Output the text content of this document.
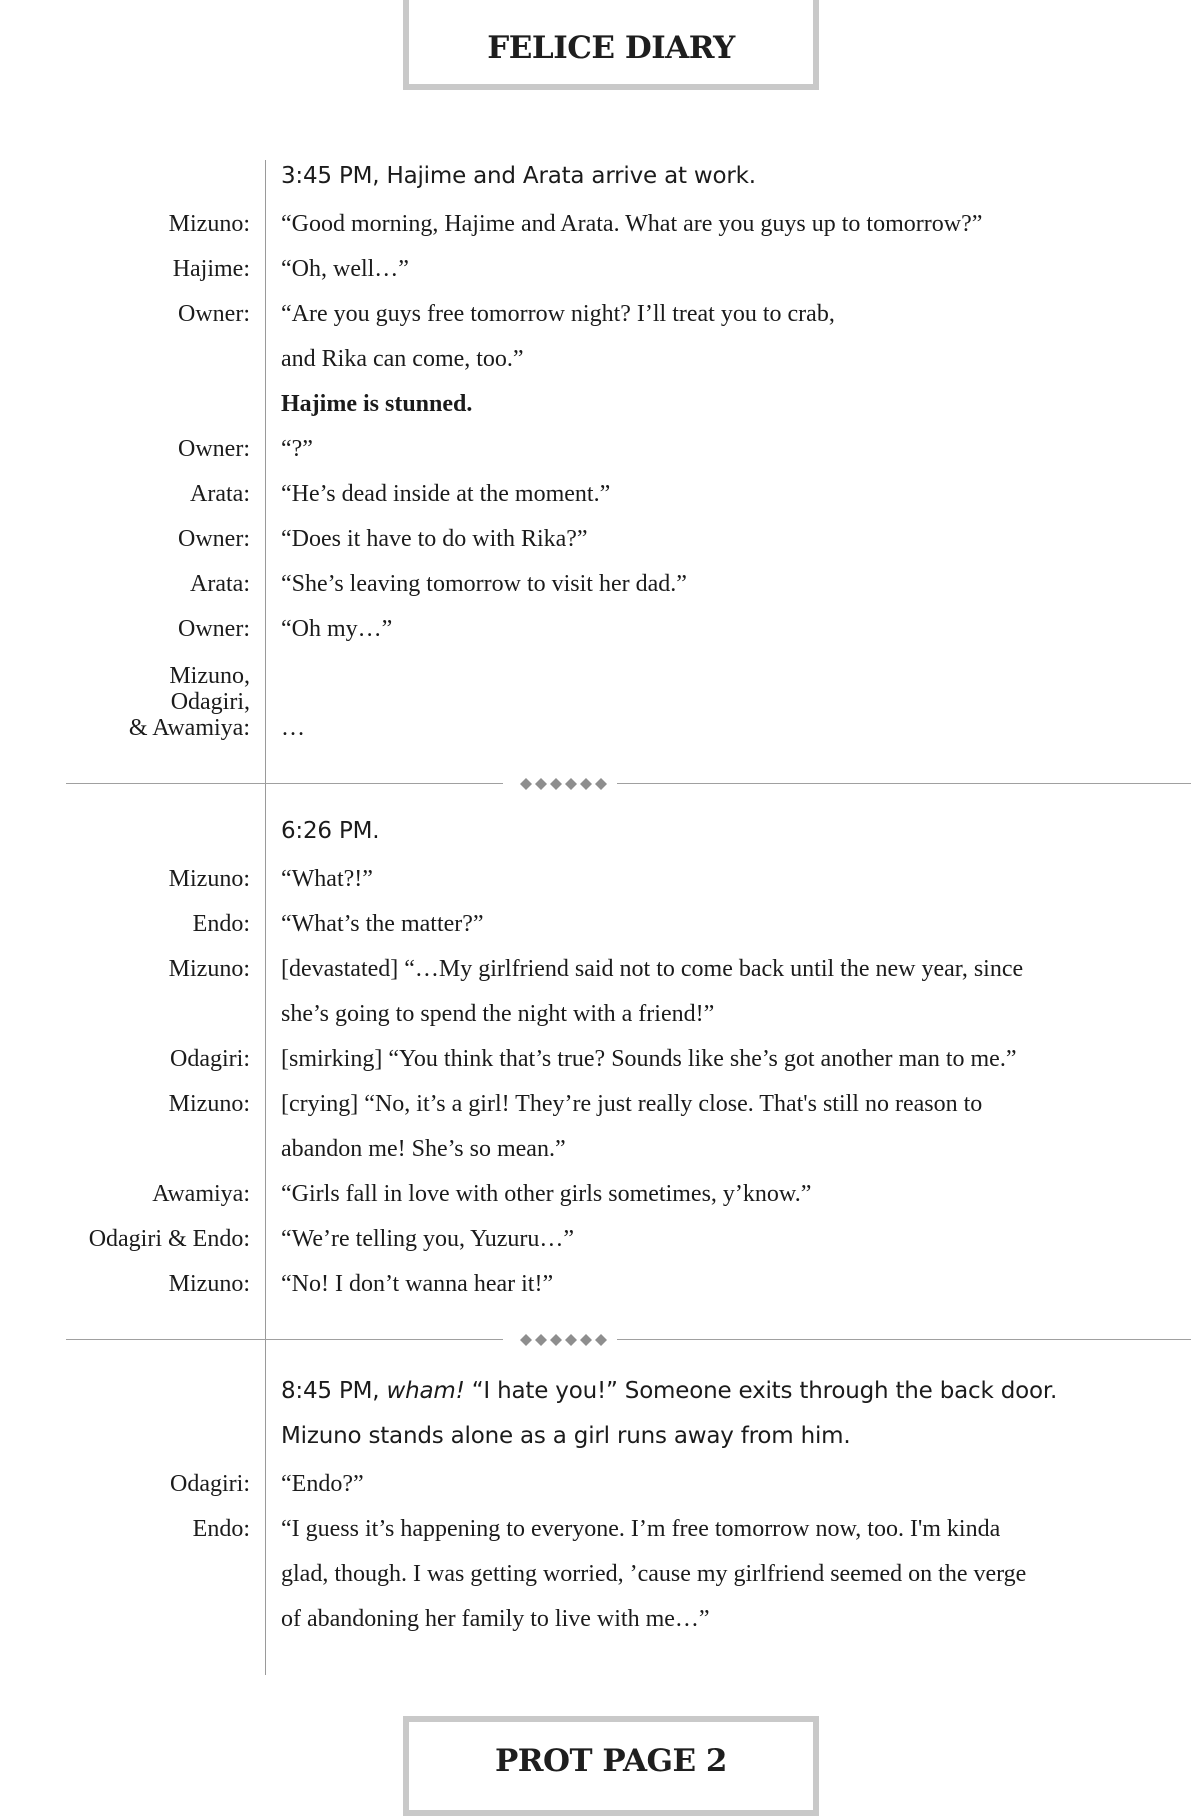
FELICE DIARY
3:45 PM, Hajime and Arata arrive at work.
Mizuno: “Good morning, Hajime and Arata. What are you guys up to tomorrow?”
Hajime: “Oh, well…”
Owner: “Are you guys free tomorrow night? I’ll treat you to crab,
and Rika can come, too.”
Hajime is stunned.
Owner: “?”
Arata: “He’s dead inside at the moment.”
Owner: “Does it have to do with Rika?”
Arata: “She’s leaving tomorrow to visit her dad.”
Owner: “Oh my…”
Mizuno,
Odagiri,
& Awamiya: …
6:26 PM.
Mizuno: “What?!”
Endo: “What’s the matter?”
Mizuno: [devastated] “…My girlfriend said not to come back until the new year, since
she’s going to spend the night with a friend!”
Odagiri: [smirking] “You think that’s true? Sounds like she’s got another man to me.”
Mizuno: [crying] “No, it’s a girl! They’re just really close. That's still no reason to
abandon me! She’s so mean.”
Awamiya: “Girls fall in love with other girls sometimes, y’know.”
Odagiri & Endo: “We’re telling you, Yuzuru…”
Mizuno: “No! I don’t wanna hear it!”
8:45 PM, wham! “I hate you!” Someone exits through the back door.
Mizuno stands alone as a girl runs away from him.
Odagiri: “Endo?”
Endo: “I guess it’s happening to everyone. I’m free tomorrow now, too. I'm kinda
glad, though. I was getting worried, ’cause my girlfriend seemed on the verge
of abandoning her family to live with me…”
PROT PAGE 2
